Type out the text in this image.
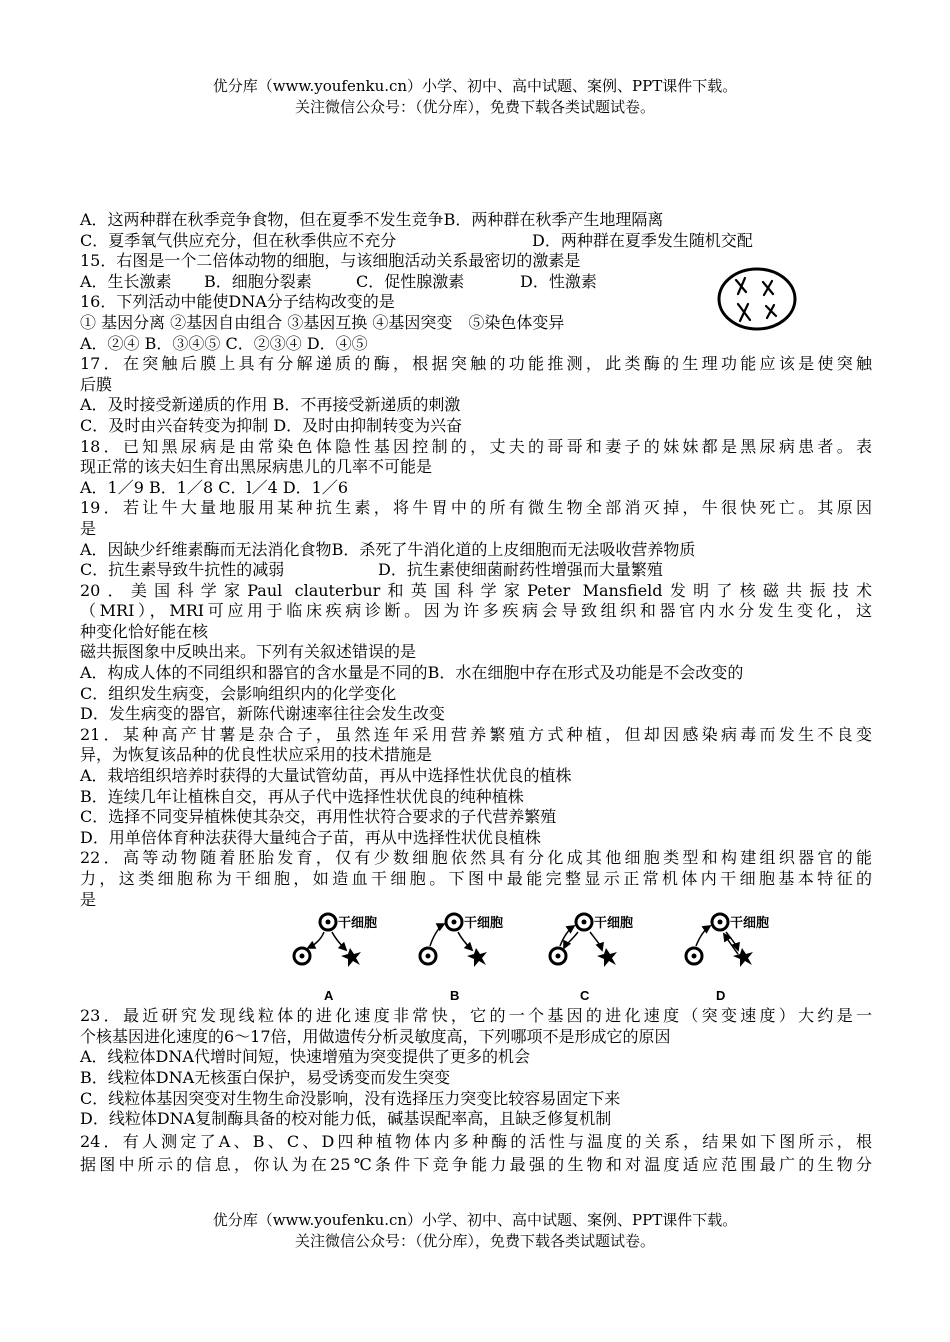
优分库（www.youfenku.cn）小学、初中、高中试题、案例、PPT课件下载。
关注微信公众号：（优分库），免费下载各类试题试卷。
A．这两种群在秋季竞争食物，但在夏季不发生竞争 B．两种群在秋季产生地理隔离
C．夏季氧气供应充分，但在秋季供应不充分	D．两种群在夏季发生随机交配
15．右图是一个二倍体动物的细胞，与该细胞活动关系最密切的激素是
A．生长激素 B．细胞分裂素	C．促性腺激素	D．性激素
16．下列活动中能使DNA分子结构改变的是
① 基因分离 ②基因自由组合 ③基因互换 ④基因突变　⑤染色体变异
A．②④ B．③④⑤ C．②③④ D．④⑤
17．在突触后膜上具有分解递质的酶，根据突触的功能推测，此类酶的生理功能应该是使突触
后膜
A．及时接受新递质的作用 B．不再接受新递质的刺激
C．及时由兴奋转变为抑制 D．及时由抑制转变为兴奋
18．已知黑尿病是由常染色体隐性基因控制的，丈夫的哥哥和妻子的妹妹都是黑尿病患者。表
现正常的该夫妇生育出黑尿病患儿的几率不可能是
A．1／9 B．1／8 C．l／4 D．1／6
19．若让牛大量地服用某种抗生素，将牛胃中的所有微生物全部消灭掉，牛很快死亡。其原因
是
A．因缺少纤维素酶而无法消化食物 B．杀死了牛消化道的上皮细胞而无法吸收营养物质
C．抗生素导致牛抗性的减弱	D．抗生素使细菌耐药性增强而大量繁殖
20．美国科学家Paul clauterbur和英国科学家Peter Mansfield发明了核磁共振技术
（MRI），MRI可应用于临床疾病诊断。因为许多疾病会导致组织和器官内水分发生变化，这
种变化恰好能在核
磁共振图象中反映出来。下列有关叙述错误的是
A．构成人体的不同组织和器官的含水量是不同的 B．水在细胞中存在形式及功能是不会改变的
C．组织发生病变，会影响组织内的化学变化
D．发生病变的器官，新陈代谢速率往往会发生改变
21．某种高产甘薯是杂合子，虽然连年采用营养繁殖方式种植，但却因感染病毒而发生不良变
异，为恢复该品种的优良性状应采用的技术措施是
A．栽培组织培养时获得的大量试管幼苗，再从中选择性状优良的植株
B．连续几年让植株自交，再从子代中选择性状优良的纯种植株
C．选择不同变异植株使其杂交，再用性状符合要求的子代营养繁殖
D．用单倍体育种法获得大量纯合子苗，再从中选择性状优良植株
22．高等动物随着胚胎发育，仅有少数细胞依然具有分化成其他细胞类型和构建组织器官的能
力，这类细胞称为干细胞，如造血干细胞。下图中最能完整显示正常机体内干细胞基本特征的
是
干细胞
A
干细胞
B
干细胞
C
干细胞
D
23．最近研究发现线粒体的进化速度非常快，它的一个基因的进化速度（突变速度）大约是一
个核基因进化速度的6～17倍，用做遗传分析灵敏度高，下列哪项不是形成它的原因
A．线粒体DNA代增时间短，快速增殖为突变提供了更多的机会
B．线粒体DNA无核蛋白保护，易受诱变而发生突变
C．线粒体基因突变对生物生命没影响，没有选择压力突变比较容易固定下来
D．线粒体DNA复制酶具备的校对能力低，碱基误配率高，且缺乏修复机制
24．有人测定了A、B、C、D四种植物体内多种酶的活性与温度的关系，结果如下图所示，根
据图中所示的信息，你认为在25℃条件下竞争能力最强的生物和对温度适应范围最广的生物分
优分库（www.youfenku.cn）小学、初中、高中试题、案例、PPT课件下载。
关注微信公众号：（优分库），免费下载各类试题试卷。
